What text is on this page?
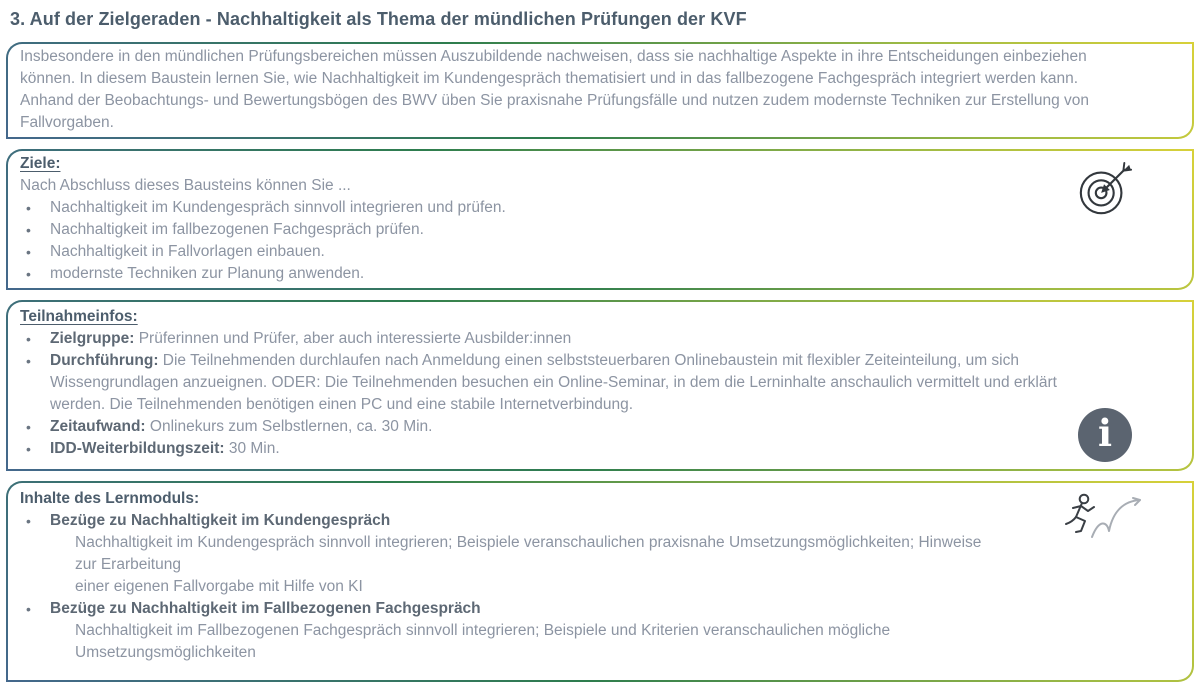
3. Auf der Zielgeraden - Nachhaltigkeit als Thema der mündlichen Prüfungen der KVF
Insbesondere in den mündlichen Prüfungsbereichen müssen Auszubildende nachweisen, dass sie nachhaltige Aspekte in ihre Entscheidungen einbeziehen
können. In diesem Baustein lernen Sie, wie Nachhaltigkeit im Kundengespräch thematisiert und in das fallbezogene Fachgespräch integriert werden kann.
Anhand der Beobachtungs- und Bewertungsbögen des BWV üben Sie praxisnahe Prüfungsfälle und nutzen zudem modernste Techniken zur Erstellung von
Fallvorgaben.
Ziele:
Nach Abschluss dieses Bausteins können Sie ...
•	Nachhaltigkeit im Kundengespräch sinnvoll integrieren und prüfen.
•	Nachhaltigkeit im fallbezogenen Fachgespräch prüfen.
•	Nachhaltigkeit in Fallvorlagen einbauen.
•	modernste Techniken zur Planung anwenden.
Teilnahmeinfos:
•	Zielgruppe: Prüferinnen und Prüfer, aber auch interessierte Ausbilder:innen
•	Durchführung: Die Teilnehmenden durchlaufen nach Anmeldung einen selbststeuerbaren Onlinebaustein mit flexibler Zeiteinteilung, um sich
Wissengrundlagen anzueignen. ODER: Die Teilnehmenden besuchen ein Online-Seminar, in dem die Lerninhalte anschaulich vermittelt und erklärt
werden. Die Teilnehmenden benötigen einen PC und eine stabile Internetverbindung.
•	Zeitaufwand: Onlinekurs zum Selbstlernen, ca. 30 Min.
•	IDD-Weiterbildungszeit: 30 Min.	i
Inhalte des Lernmoduls:
•	Bezüge zu Nachhaltigkeit im Kundengespräch
Nachhaltigkeit im Kundengespräch sinnvoll integrieren; Beispiele veranschaulichen praxisnahe Umsetzungsmöglichkeiten; Hinweise zur Erarbeitung
einer eigenen Fallvorgabe mit Hilfe von KI
•	Bezüge zu Nachhaltigkeit im Fallbezogenen Fachgespräch
Nachhaltigkeit im Fallbezogenen Fachgespräch sinnvoll integrieren; Beispiele und Kriterien veranschaulichen mögliche Umsetzungsmöglichkeiten
